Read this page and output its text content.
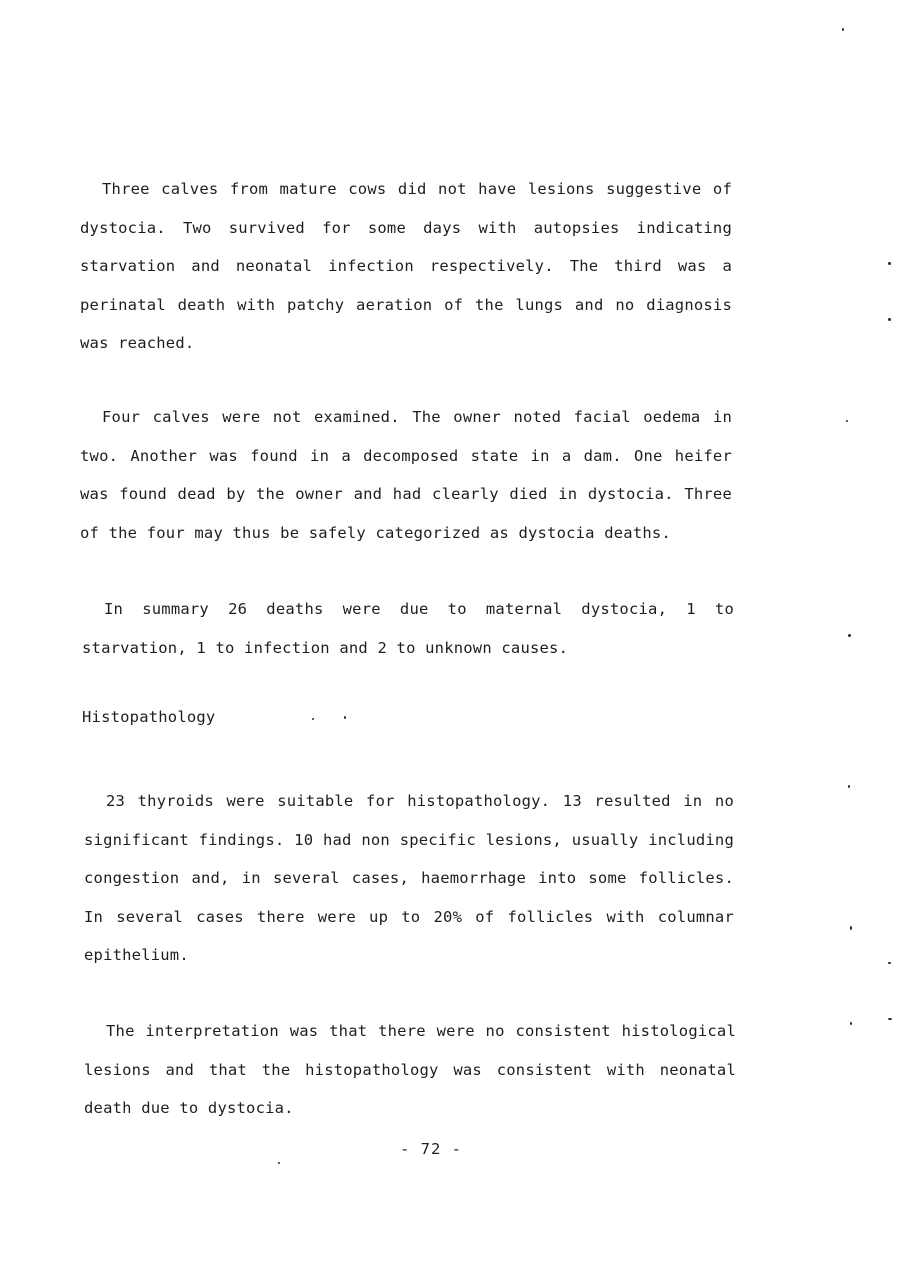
Three calves from mature cows did not have lesions suggestive of dystocia. Two survived for some days with autopsies indicating starvation and neonatal infection respectively. The third was a perinatal death with patchy aeration of the lungs and no diagnosis was reached.

Four calves were not examined. The owner noted facial oedema in two. Another was found in a decomposed state in a dam. One heifer was found dead by the owner and had clearly died in dystocia. Three of the four may thus be safely categorized as dystocia deaths.

In summary 26 deaths were due to maternal dystocia, 1 to starvation, 1 to infection and 2 to unknown causes.

Histopathology

23 thyroids were suitable for histopathology. 13 resulted in no significant findings. 10 had non specific lesions, usually including congestion and, in several cases, haemorrhage into some follicles. In several cases there were up to 20% of follicles with columnar epithelium.

The interpretation was that there were no consistent histological lesions and that the histopathology was consistent with neonatal death due to dystocia.

- 72 -
